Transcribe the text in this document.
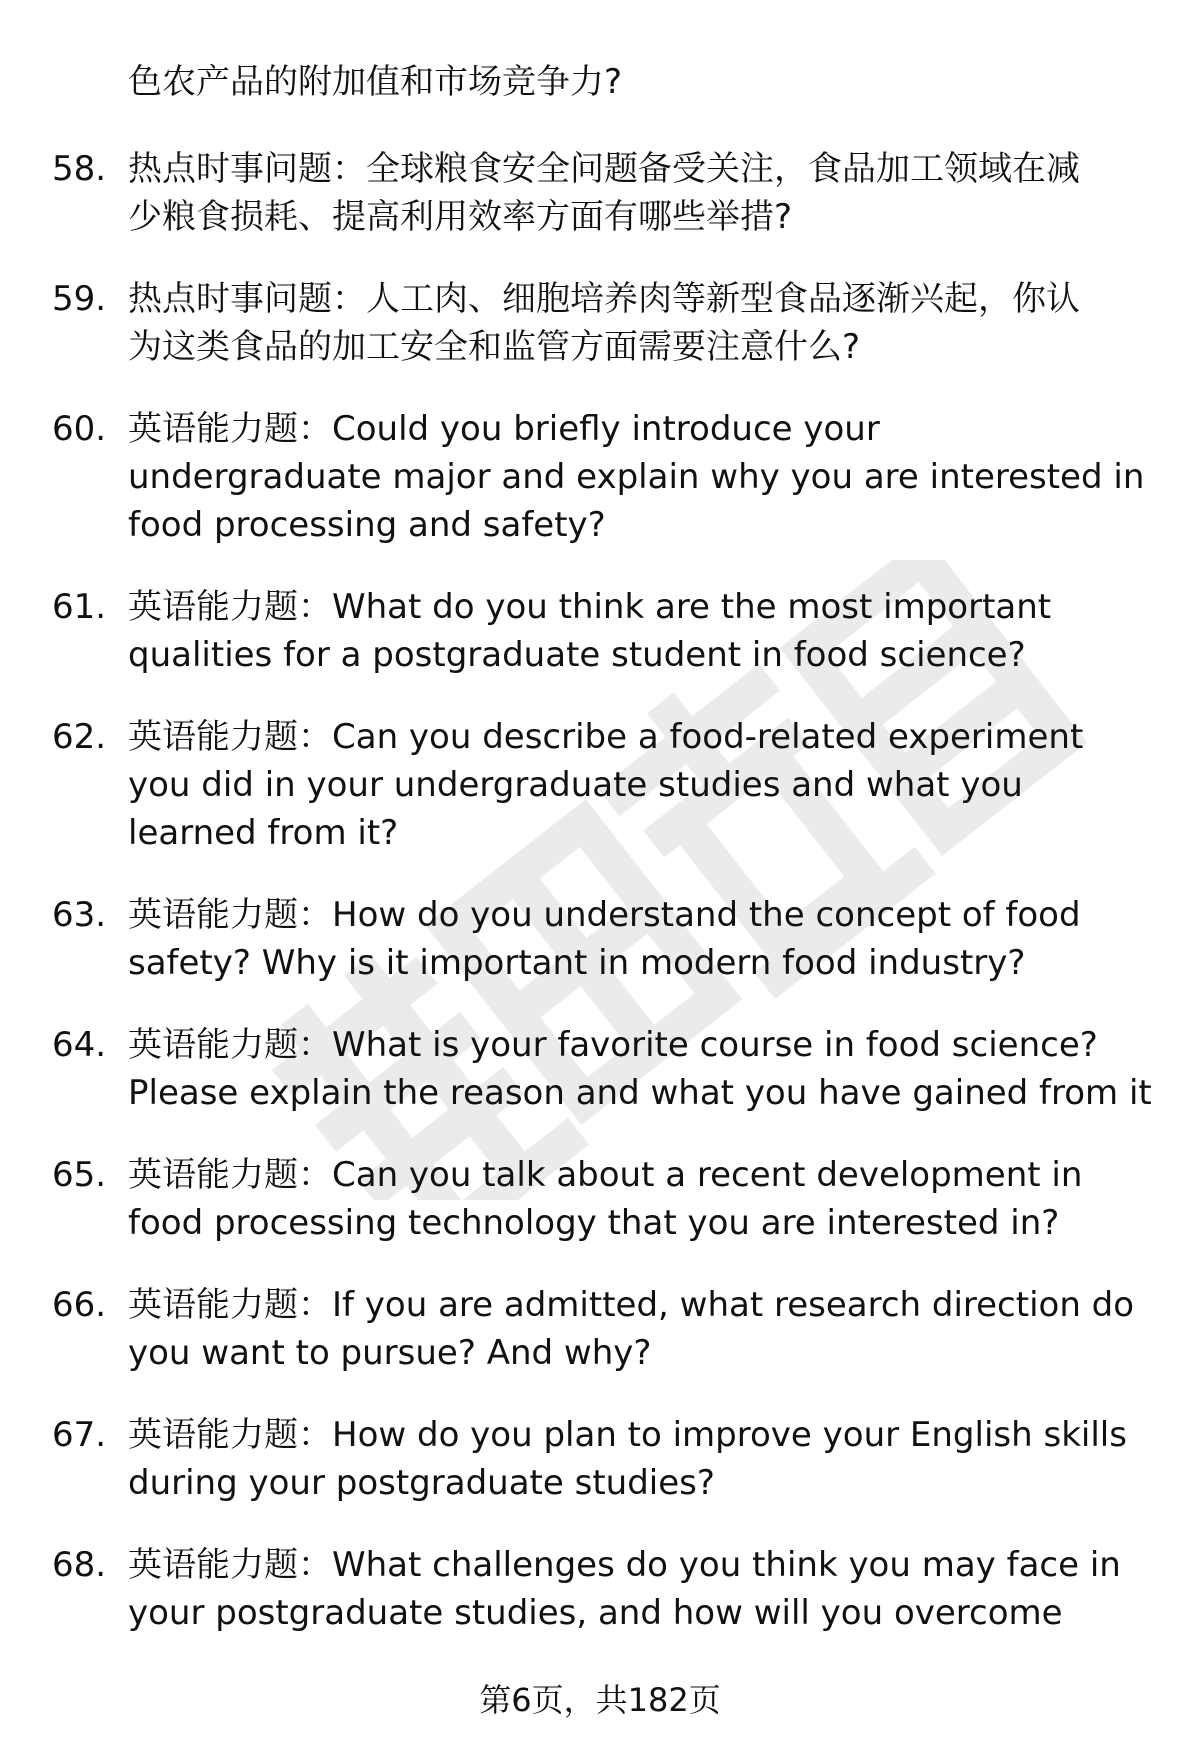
色农产品的附加值和市场竞争力?
58. 热点时事问题：全球粮食安全问题备受关注，食品加工领域在减
少粮食损耗、提高利用效率方面有哪些举措?
59. 热点时事问题：人工肉、细胞培养肉等新型食品逐渐兴起，你认
为这类食品的加工安全和监管方面需要注意什么?
60. 英语能力题：Could you briefly introduce your
undergraduate major and explain why you are interested in
food processing and safety?
61. 英语能力题：What do you think are the most important
qualities for a postgraduate student in food science?
62. 英语能力题：Can you describe a food-related experiment
you did in your undergraduate studies and what you
learned from it?
63. 英语能力题：How do you understand the concept of food
safety? Why is it important in modern food industry?
64. 英语能力题：What is your favorite course in food science?
Please explain the reason and what you have gained from it
65. 英语能力题：Can you talk about a recent development in
food processing technology that you are interested in?
66. 英语能力题：If you are admitted, what research direction do
you want to pursue? And why?
67. 英语能力题：How do you plan to improve your English skills
during your postgraduate studies?
68. 英语能力题：What challenges do you think you may face in
your postgraduate studies, and how will you overcome
第6页，共182页
